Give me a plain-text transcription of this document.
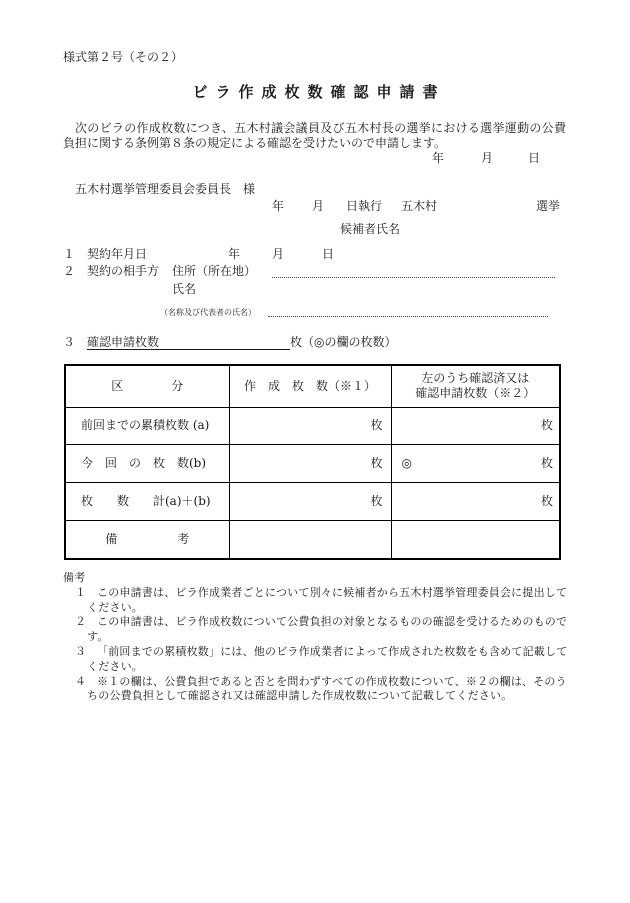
様式第２号（その２）
ビラ作成枚数確認申請書
次のビラの作成枚数につき、五木村議会議員及び五木村長の選挙における選挙運動の公費
負担に関する条例第８条の規定による確認を受けたいので申請します。
年	月	日
五木村選挙管理委員会委員長　様
年 月 日執行 五木村	選挙
候補者氏名
１ 契約年月日	年	月	日
２ 契約の相手方 住所（所在地）
氏名
（名称及び代表者の氏名）
３ 確認申請枚数	枚（◎の欄の枚数）
区　　　　分	作　成　枚　数（※１）	左のうち確認済又は
確認申請枚数（※２）

前回までの累積枚数 (a)	枚	枚

今　回　の　枚　数(b)	枚	◎ 枚

枚　　数　　計(a)＋(b)	枚	枚

備　　　　　考		
備考
１ この申請書は、ビラ作成業者ごとについて別々に候補者から五木村選挙管理委員会に提出して
ください。
２ この申請書は、ビラ作成枚数について公費負担の対象となるものの確認を受けるためのもので
す。
３ 「前回までの累積枚数」には、他のビラ作成業者によって作成された枚数をも含めて記載して
ください。
４ ※１の欄は、公費負担であると否とを問わずすべての作成枚数について、※２の欄は、そのう
ちの公費負担として確認され又は確認申請した作成枚数について記載してください。
